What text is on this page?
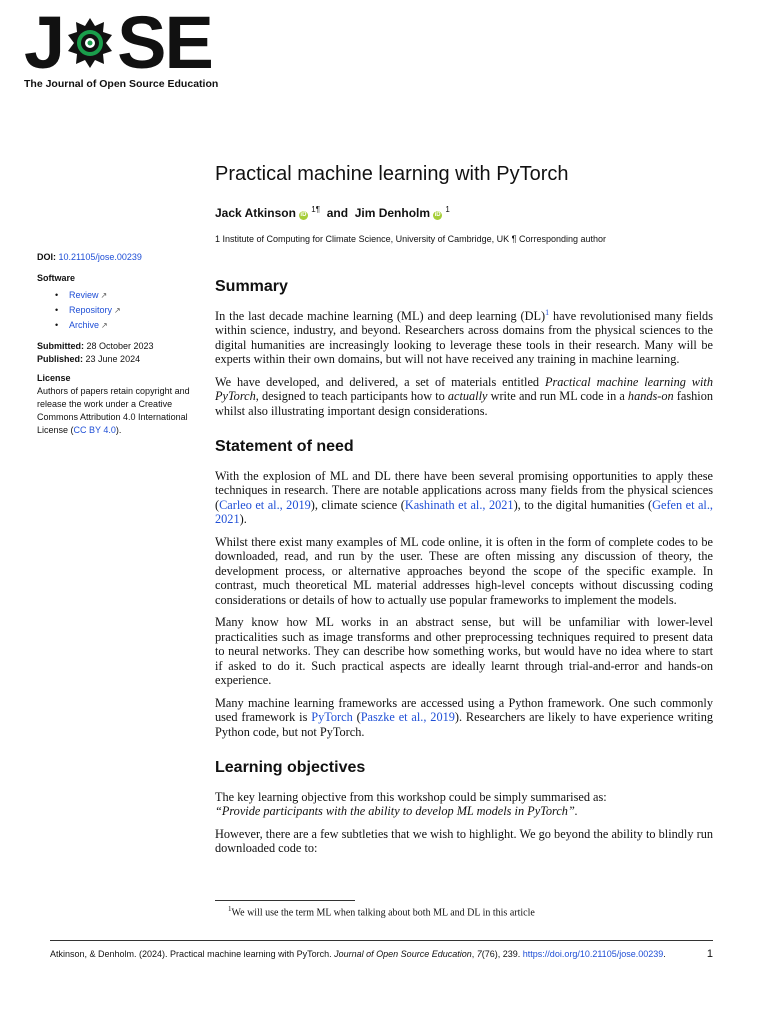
J SE
The Journal of Open Source Education
Practical machine learning with PyTorch
Jack Atkinson iD $^{1\P}$ and Jim Denholm iD $^1$
1 Institute of Computing for Climate Science, University of Cambridge, UK ¶ Corresponding author
DOI: 10.21105/jose.00239
Software
• Review ↗
• Repository ↗
• Archive ↗
Submitted: 28 October 2023
Published: 23 June 2024
License
Authors of papers retain copyright and release the work under a Creative Commons Attribution 4.0 International License (CC BY 4.0).
Summary

In the last decade machine learning (ML) and deep learning (DL)$^1$ have revolutionised many fields within science, industry, and beyond. Researchers across domains from the physical sciences to the digital humanities are increasingly looking to leverage these tools in their research. Many will be experts within their own domains, but will not have received any training in machine learning.

We have developed, and delivered, a set of materials entitled Practical machine learning with PyTorch, designed to teach participants how to actually write and run ML code in a hands-on fashion whilst also illustrating important design considerations.

Statement of need

With the explosion of ML and DL there have been several promising opportunities to apply these techniques in research. There are notable applications across many fields from the physical sciences (Carleo et al., 2019), climate science (Kashinath et al., 2021), to the digital humanities (Gefen et al., 2021).

Whilst there exist many examples of ML code online, it is often in the form of complete codes to be downloaded, read, and run by the user. These are often missing any discussion of theory, the development process, or alternative approaches beyond the scope of the specific example. In contrast, much theoretical ML material addresses high-level concepts without discussing coding considerations or details of how to actually use popular frameworks to implement the models.

Many know how ML works in an abstract sense, but will be unfamiliar with lower-level practicalities such as image transforms and other preprocessing techniques required to present data to neural networks. They can describe how something works, but would have no idea where to start if asked to do it. Such practical aspects are ideally learnt through trial-and-error and hands-on experience.

Many machine learning frameworks are accessed using a Python framework. One such commonly used framework is PyTorch (Paszke et al., 2019). Researchers are likely to have experience writing Python code, but not PyTorch.

Learning objectives

The key learning objective from this workshop could be simply summarised as:
“Provide participants with the ability to develop ML models in PyTorch”.

However, there are a few subtleties that we wish to highlight. We go beyond the ability to blindly run downloaded code to:

$^1$We will use the term ML when talking about both ML and DL in this article
Atkinson, & Denholm. (2024). Practical machine learning with PyTorch. Journal of Open Source Education, 7(76), 239. https://doi.org/10.21105/jose.00239.	1
